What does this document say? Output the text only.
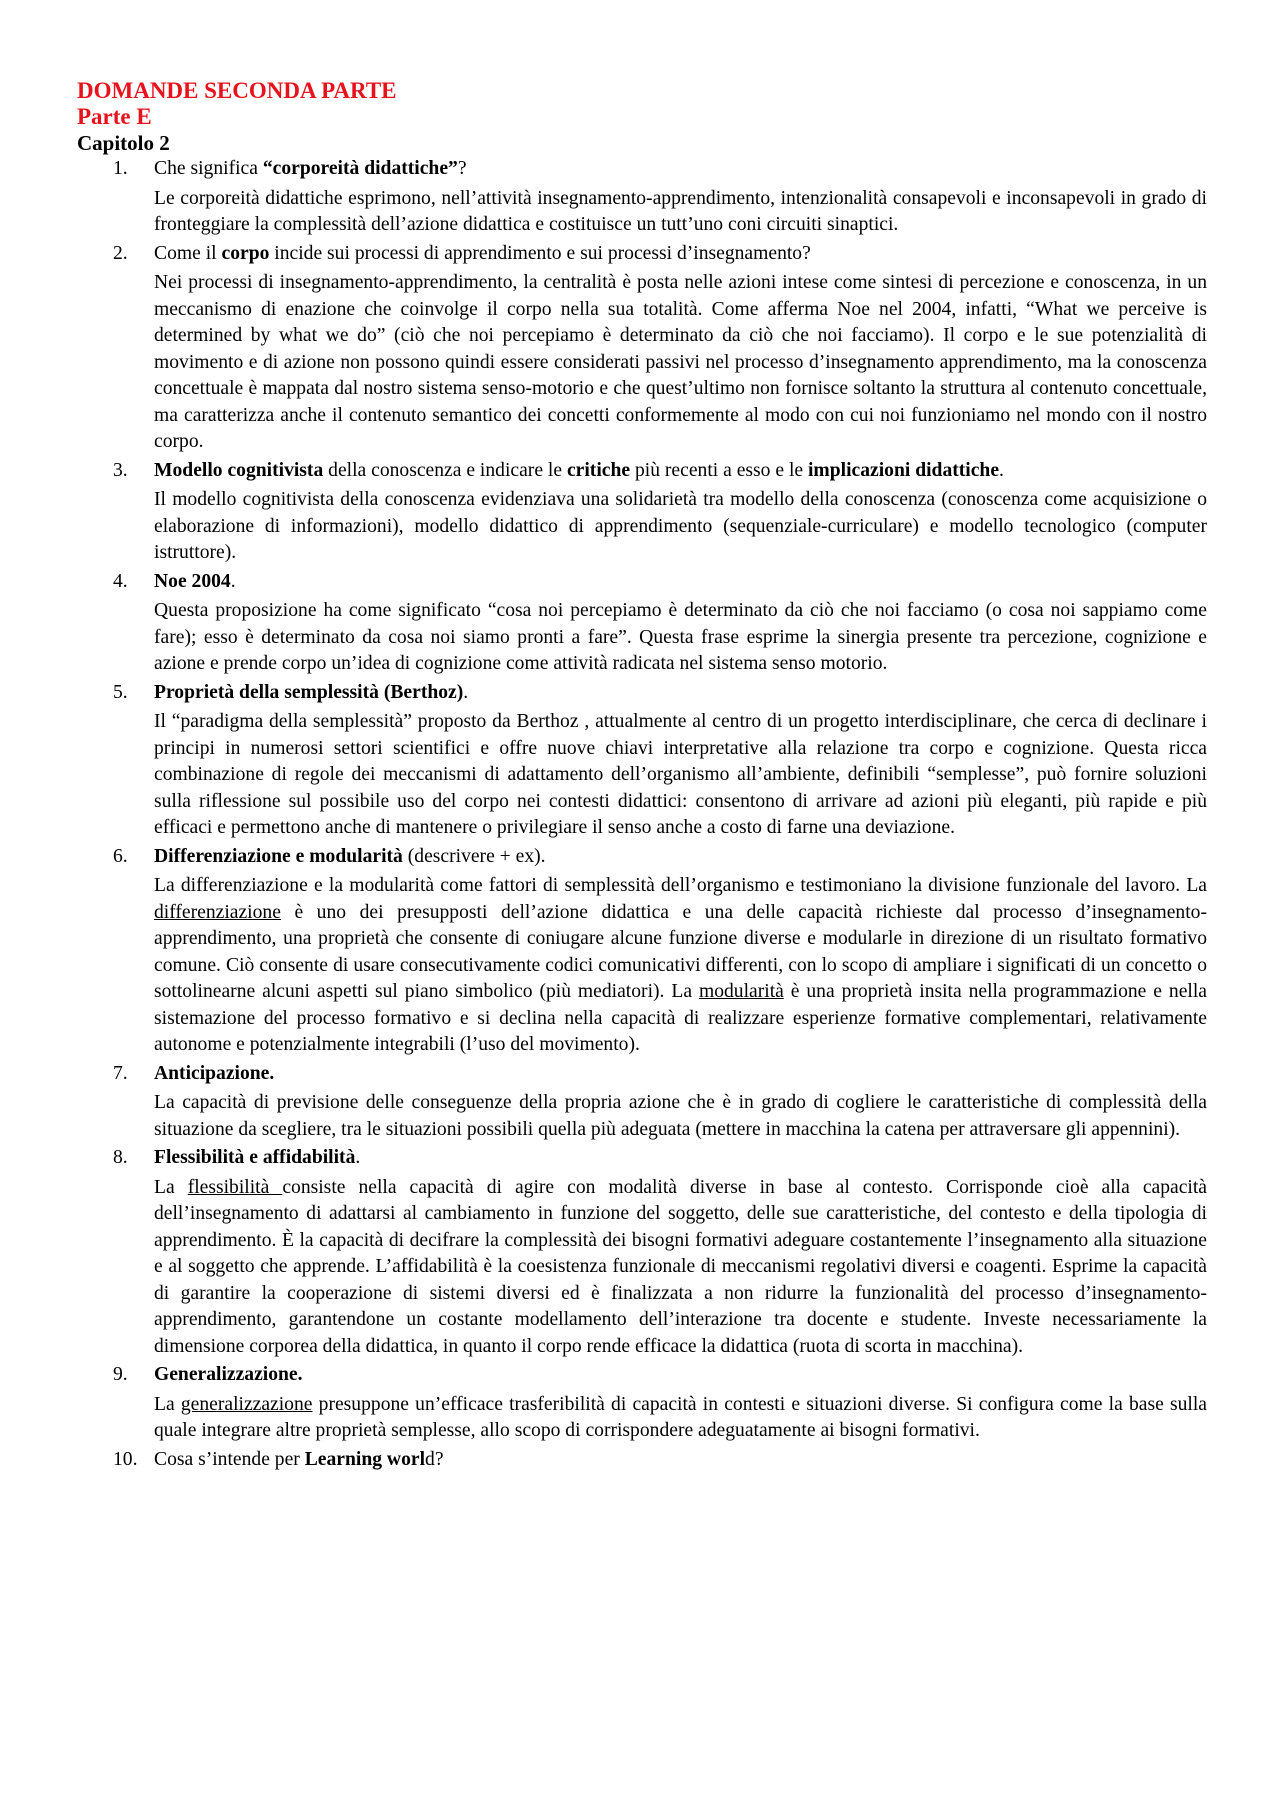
DOMANDE SECONDA PARTE
Parte E
Capitolo 2
1.	Che significa “corporeità didattiche”?
Le corporeità didattiche esprimono, nell’attività insegnamento-apprendimento, intenzionalità consapevoli e inconsapevoli in grado di fronteggiare la complessità dell’azione didattica e costituisce un tutt’uno coni circuiti sinaptici.
2.	Come il corpo incide sui processi di apprendimento e sui processi d’insegnamento?
Nei processi di insegnamento-apprendimento, la centralità è posta nelle azioni intese come sintesi di percezione e conoscenza, in un meccanismo di enazione che coinvolge il corpo nella sua totalità. Come afferma Noe nel 2004, infatti, “What we perceive is determined by what we do” (ciò che noi percepiamo è determinato da ciò che noi facciamo). Il corpo e le sue potenzialità di movimento e di azione non possono quindi essere considerati passivi nel processo d’insegnamento apprendimento, ma la conoscenza concettuale è mappata dal nostro sistema senso-motorio e che quest’ultimo non fornisce soltanto la struttura al contenuto concettuale, ma caratterizza anche il contenuto semantico dei concetti conformemente al modo con cui noi funzioniamo nel mondo con il nostro corpo.
3.	Modello cognitivista della conoscenza e indicare le critiche più recenti a esso e le implicazioni didattiche.
Il modello cognitivista della conoscenza evidenziava una solidarietà tra modello della conoscenza (conoscenza come acquisizione o elaborazione di informazioni), modello didattico di apprendimento (sequenziale-curriculare) e modello tecnologico (computer istruttore).
4.	Noe 2004.
Questa proposizione ha come significato “cosa noi percepiamo è determinato da ciò che noi facciamo (o cosa noi sappiamo come fare); esso è determinato da cosa noi siamo pronti a fare”. Questa frase esprime la sinergia presente tra percezione, cognizione e azione e prende corpo un’idea di cognizione come attività radicata nel sistema senso motorio.
5.	Proprietà della semplessità (Berthoz).
Il “paradigma della semplessità” proposto da Berthoz , attualmente al centro di un progetto interdisciplinare, che cerca di declinare i principi in numerosi settori scientifici e offre nuove chiavi interpretative alla relazione tra corpo e cognizione. Questa ricca combinazione di regole dei meccanismi di adattamento dell’organismo all’ambiente, definibili “semplesse”, può fornire soluzioni sulla riflessione sul possibile uso del corpo nei contesti didattici: consentono di arrivare ad azioni più eleganti, più rapide e più efficaci e permettono anche di mantenere o privilegiare il senso anche a costo di farne una deviazione.
6.	Differenziazione e modularità (descrivere + ex).
La differenziazione e la modularità come fattori di semplessità dell’organismo e testimoniano la divisione funzionale del lavoro. La differenziazione è uno dei presupposti dell’azione didattica e una delle capacità richieste dal processo d’insegnamento-apprendimento, una proprietà che consente di coniugare alcune funzione diverse e modularle in direzione di un risultato formativo comune. Ciò consente di usare consecutivamente codici comunicativi differenti, con lo scopo di ampliare i significati di un concetto o sottolinearne alcuni aspetti sul piano simbolico (più mediatori). La modularità è una proprietà insita nella programmazione e nella sistemazione del processo formativo e si declina nella capacità di realizzare esperienze formative complementari, relativamente autonome e potenzialmente integrabili (l’uso del movimento).
7.	Anticipazione.
La capacità di previsione delle conseguenze della propria azione che è in grado di cogliere le caratteristiche di complessità della situazione da scegliere, tra le situazioni possibili quella più adeguata (mettere in macchina la catena per attraversare gli appennini).
8.	Flessibilità e affidabilità.
La flessibilità consiste nella capacità di agire con modalità diverse in base al contesto. Corrisponde cioè alla capacità dell’insegnamento di adattarsi al cambiamento in funzione del soggetto, delle sue caratteristiche, del contesto e della tipologia di apprendimento. È la capacità di decifrare la complessità dei bisogni formativi adeguare costantemente l’insegnamento alla situazione e al soggetto che apprende. L’affidabilità è la coesistenza funzionale di meccanismi regolativi diversi e coagenti. Esprime la capacità di garantire la cooperazione di sistemi diversi ed è finalizzata a non ridurre la funzionalità del processo d’insegnamento-apprendimento, garantendone un costante modellamento dell’interazione tra docente e studente. Investe necessariamente la dimensione corporea della didattica, in quanto il corpo rende efficace la didattica (ruota di scorta in macchina).
9.	Generalizzazione.
La generalizzazione presuppone un’efficace trasferibilità di capacità in contesti e situazioni diverse. Si configura come la base sulla quale integrare altre proprietà semplesse, allo scopo di corrispondere adeguatamente ai bisogni formativi.
10. Cosa s’intende per Learning world?
